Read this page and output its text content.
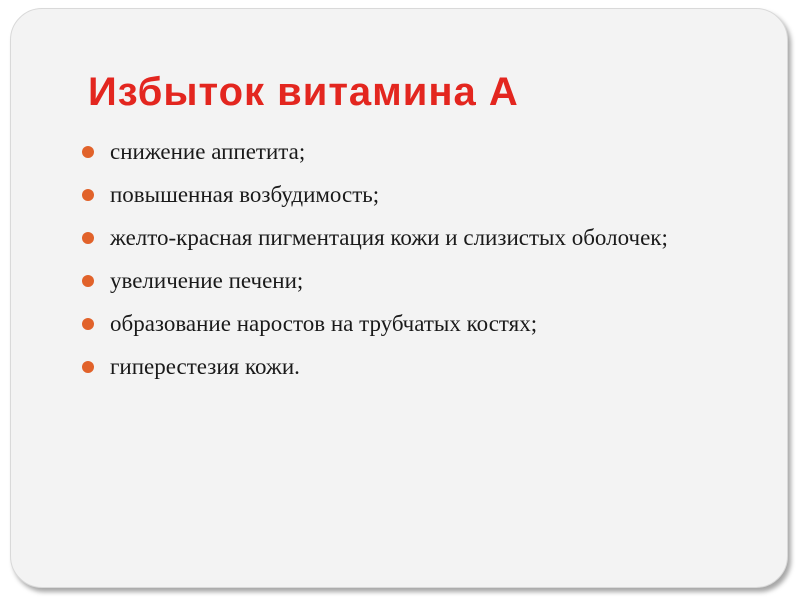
Избыток витамина А
снижение аппетита;
повышенная возбудимость;
желто-красная пигментация кожи и слизистых оболочек;
увеличение печени;
образование наростов на трубчатых костях;
гиперестезия кожи.
